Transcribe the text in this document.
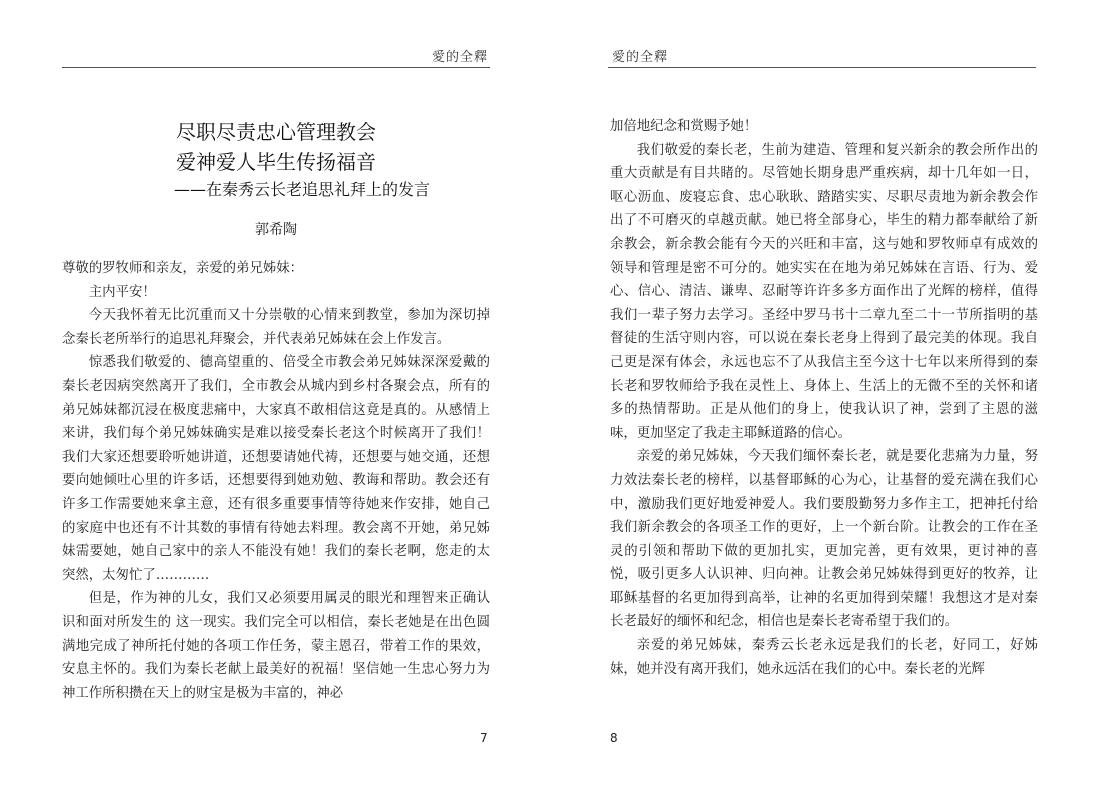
愛的全釋
尽职尽责忠心管理教会
爱神爱人毕生传扬福音
——在秦秀云长老追思礼拜上的发言
郭希陶

尊敬的罗牧师和亲友，亲爱的弟兄姊妹：

主内平安！

今天我怀着无比沉重而又十分崇敬的心情来到教堂，参加为深切掉念秦长老所举行的追思礼拜聚会，并代表弟兄姊妹在会上作发言。

惊悉我们敬爱的、德高望重的、倍受全市教会弟兄姊妹深深爱戴的秦长老因病突然离开了我们，全市教会从城内到乡村各聚会点，所有的弟兄姊妹都沉浸在极度悲痛中，大家真不敢相信这竟是真的。从感情上来讲，我们每个弟兄姊妹确实是难以接受秦长老这个时候离开了我们！我们大家还想要聆听她讲道，还想要请她代祷，还想要与她交通，还想要向她倾吐心里的许多话，还想要得到她劝勉、教诲和帮助。教会还有许多工作需要她来拿主意，还有很多重要事情等待她来作安排，她自己的家庭中也还有不计其数的事情有待她去料理。教会离不开她，弟兄姊妹需要她，她自己家中的亲人不能没有她！我们的秦长老啊，您走的太突然，太匆忙了…………

但是，作为神的儿女，我们又必须要用属灵的眼光和理智来正确认识和面对所发生的 这一现实。我们完全可以相信，秦长老她是在出色圆满地完成了神所托付她的各项工作任务，蒙主恩召，带着工作的果效，安息主怀的。我们为秦长老献上最美好的祝福！坚信她一生忠心努力为神工作所积攒在天上的财宝是极为丰富的，神必

7
愛的全釋

加倍地纪念和赏赐予她！

我们敬爱的秦长老，生前为建造、管理和复兴新余的教会所作出的重大贡献是有目共睹的。尽管她长期身患严重疾病，却十几年如一日，呕心沥血、废寝忘食、忠心耿耿、踏踏实实、尽职尽责地为新余教会作出了不可磨灭的卓越贡献。她已将全部身心，毕生的精力都奉献给了新余教会，新余教会能有今天的兴旺和丰富，这与她和罗牧师卓有成效的领导和管理是密不可分的。她实实在在地为弟兄姊妹在言语、行为、爱心、信心、清洁、谦卑、忍耐等许许多多方面作出了光辉的榜样，值得我们一辈子努力去学习。圣经中罗马书十二章九至二十一节所指明的基督徒的生活守则内容，可以说在秦长老身上得到了最完美的体现。我自己更是深有体会，永远也忘不了从我信主至今这十七年以来所得到的秦长老和罗牧师给予我在灵性上、身体上、生活上的无微不至的关怀和诸多的热情帮助。正是从他们的身上，使我认识了神，尝到了主恩的滋味，更加坚定了我走主耶稣道路的信心。

亲爱的弟兄姊妹，今天我们缅怀秦长老，就是要化悲痛为力量，努力效法秦长老的榜样，以基督耶稣的心为心，让基督的爱充满在我们心中，激励我们更好地爱神爱人。我们要殷勤努力多作主工，把神托付给我们新余教会的各项圣工作的更好，上一个新台阶。让教会的工作在圣灵的引领和帮助下做的更加扎实，更加完善，更有效果，更讨神的喜悦，吸引更多人认识神、归向神。让教会弟兄姊妹得到更好的牧养，让耶稣基督的名更加得到高举，让神的名更加得到荣耀！我想这才是对秦长老最好的缅怀和纪念，相信也是秦长老寄希望于我们的。

亲爱的弟兄姊妹，秦秀云长老永远是我们的长老，好同工，好姊妹，她并没有离开我们，她永远活在我们的心中。秦长老的光辉

8
